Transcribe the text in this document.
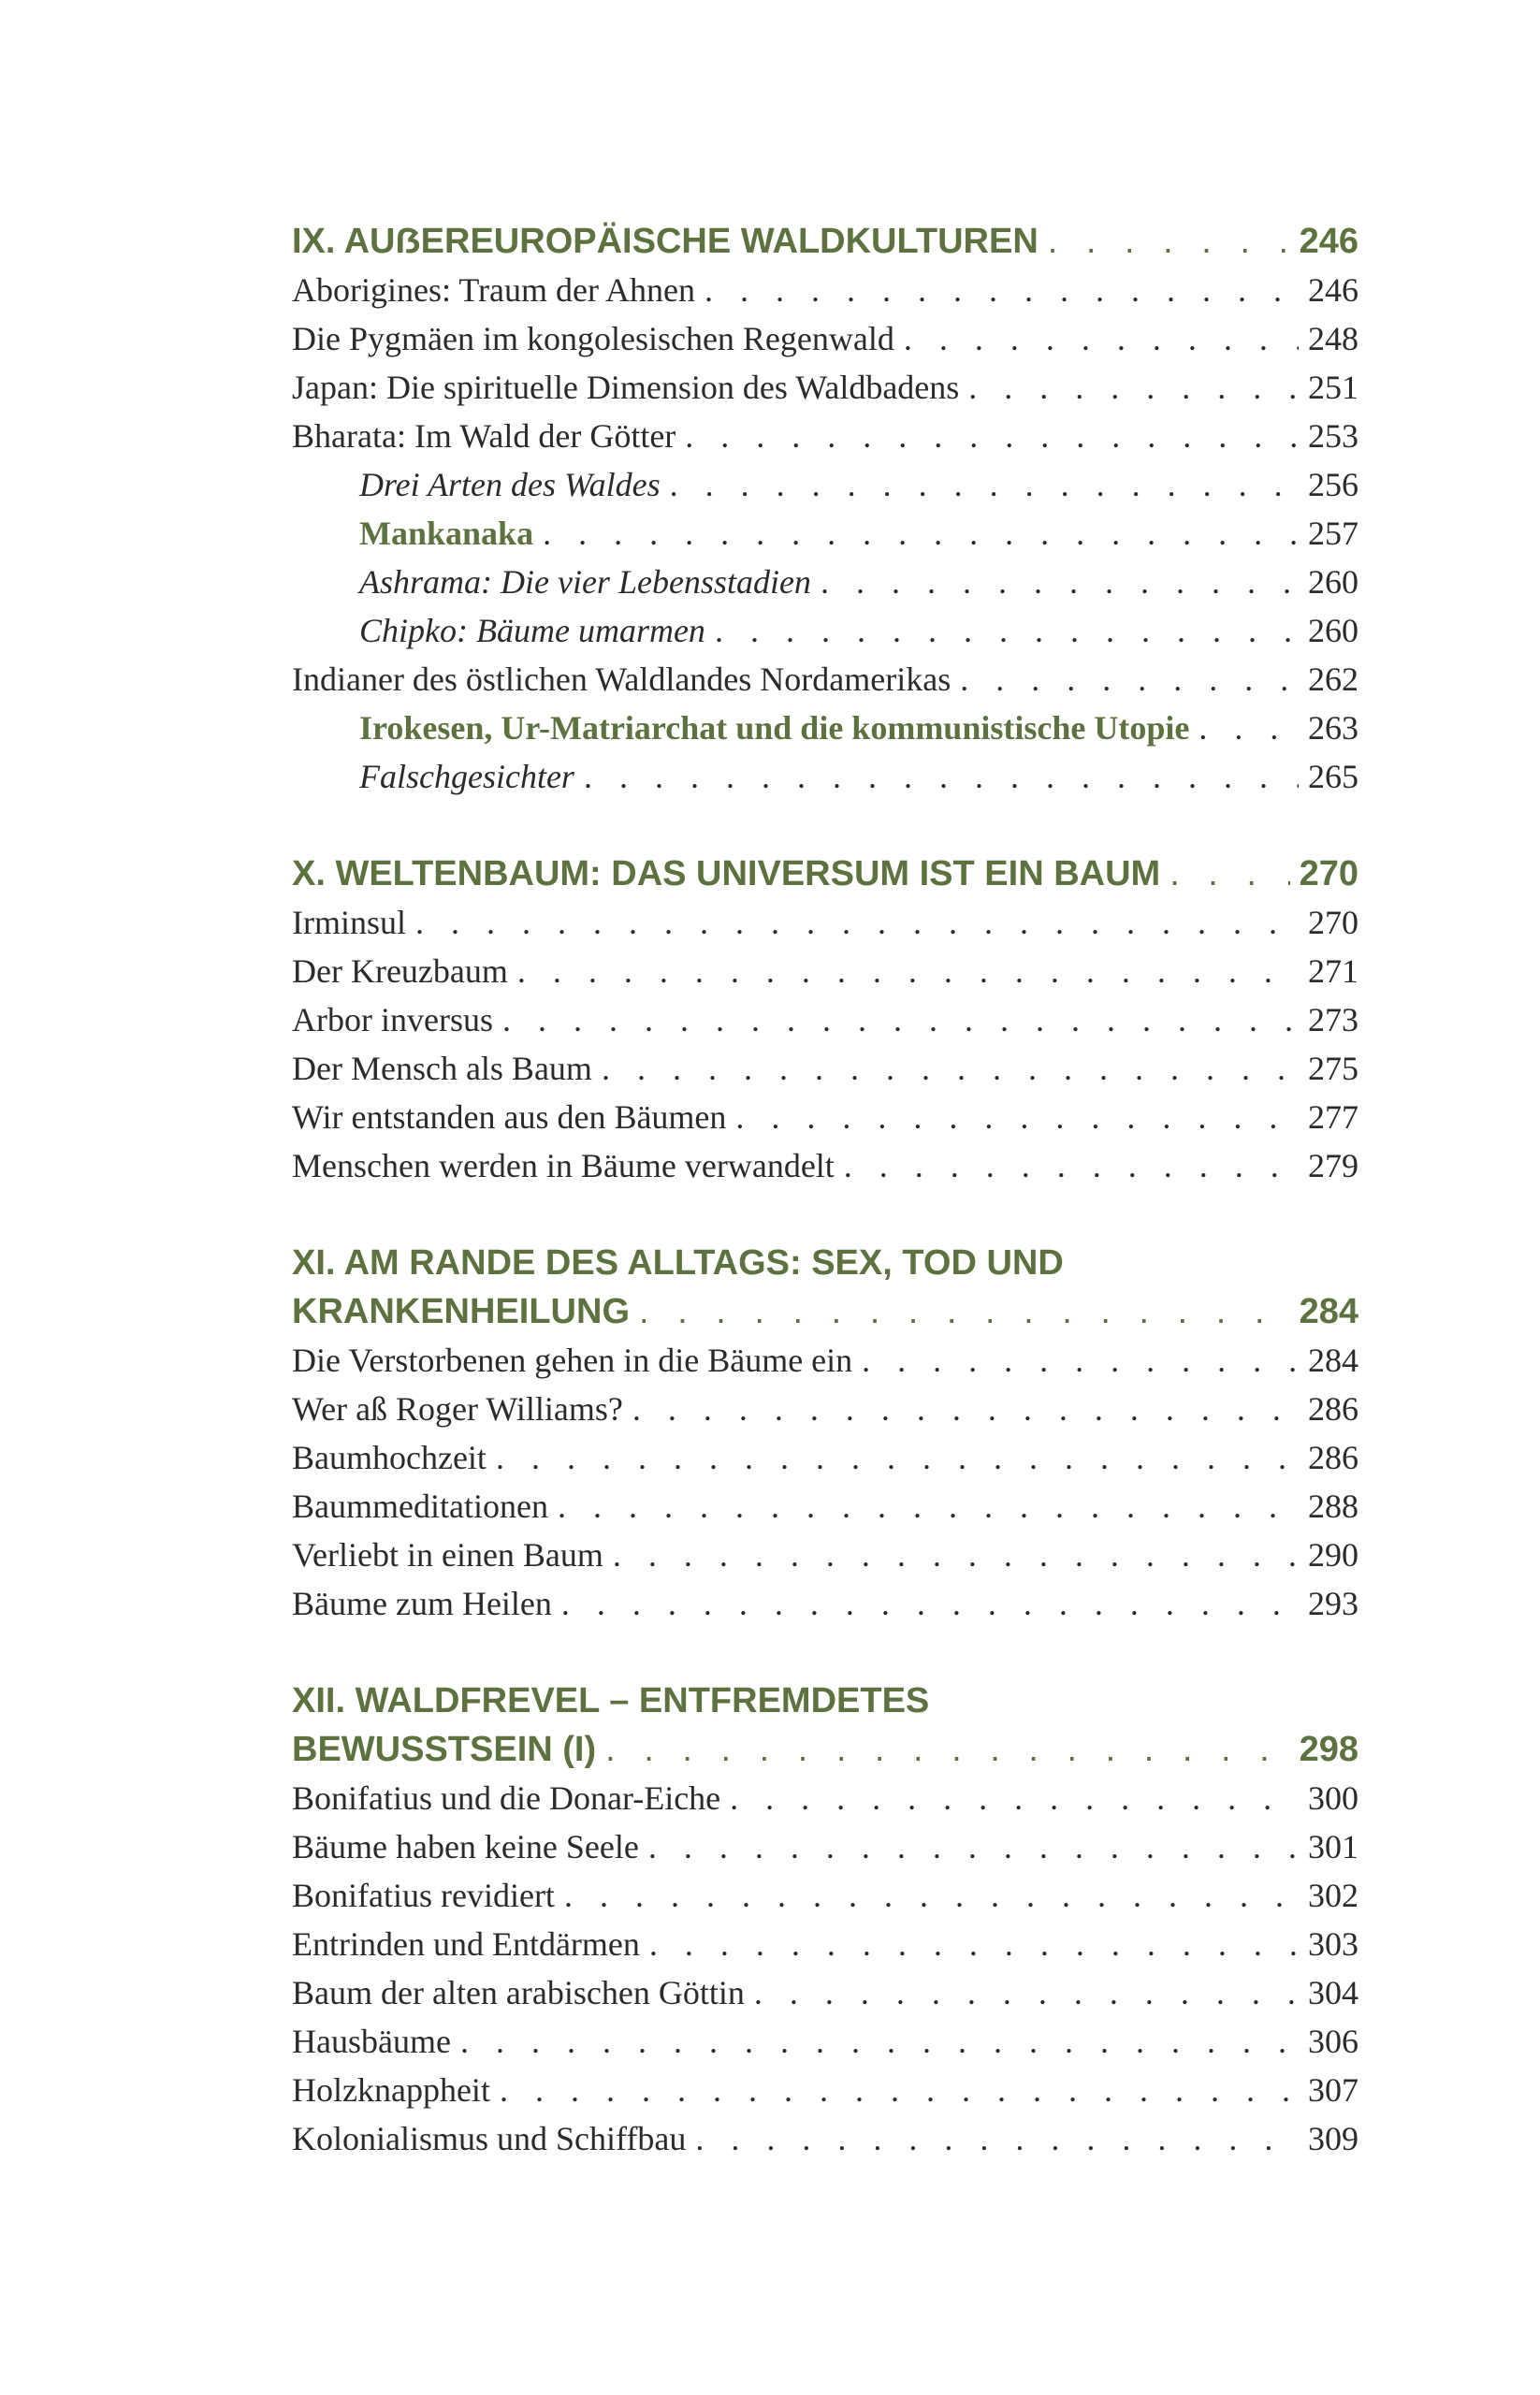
IX. AUẞEREUROPÄISCHE WALDKULTUREN . . .	246
Aborigines: Traum der Ahnen . . .	246
Die Pygmäen im kongolesischen Regenwald . . .	248
Japan: Die spirituelle Dimension des Waldbadens . . .	251
Bharata: Im Wald der Götter . . .	253
Drei Arten des Waldes . . .	256
Mankanaka . . .	257
Ashrama: Die vier Lebensstadien . . .	260
Chipko: Bäume umarmen . . .	260
Indianer des östlichen Waldlandes Nordamerikas . . .	262
Irokesen, Ur-Matriarchat und die kommunistische Utopie . . .	263
Falschgesichter . . .	265
X. WELTENBAUM: DAS UNIVERSUM IST EIN BAUM . . .	270
Irminsul . . .	270
Der Kreuzbaum . . .	271
Arbor inversus . . .	273
Der Mensch als Baum . . .	275
Wir entstanden aus den Bäumen . . .	277
Menschen werden in Bäume verwandelt . . .	279
XI. AM RANDE DES ALLTAGS: SEX, TOD UND
KRANKENHEILUNG . . .	284
Die Verstorbenen gehen in die Bäume ein . . .	284
Wer aß Roger Williams? . . .	286
Baumhochzeit . . .	286
Baummeditationen . . .	288
Verliebt in einen Baum . . .	290
Bäume zum Heilen . . .	293
XII. WALDFREVEL – ENTFREMDETES
BEWUSSTSEIN (I) . . .	298
Bonifatius und die Donar-Eiche . . .	300
Bäume haben keine Seele . . .	301
Bonifatius revidiert . . .	302
Entrinden und Entdärmen . . .	303
Baum der alten arabischen Göttin . . .	304
Hausbäume . . .	306
Holzknappheit . . .	307
Kolonialismus und Schiffbau . . .	309
